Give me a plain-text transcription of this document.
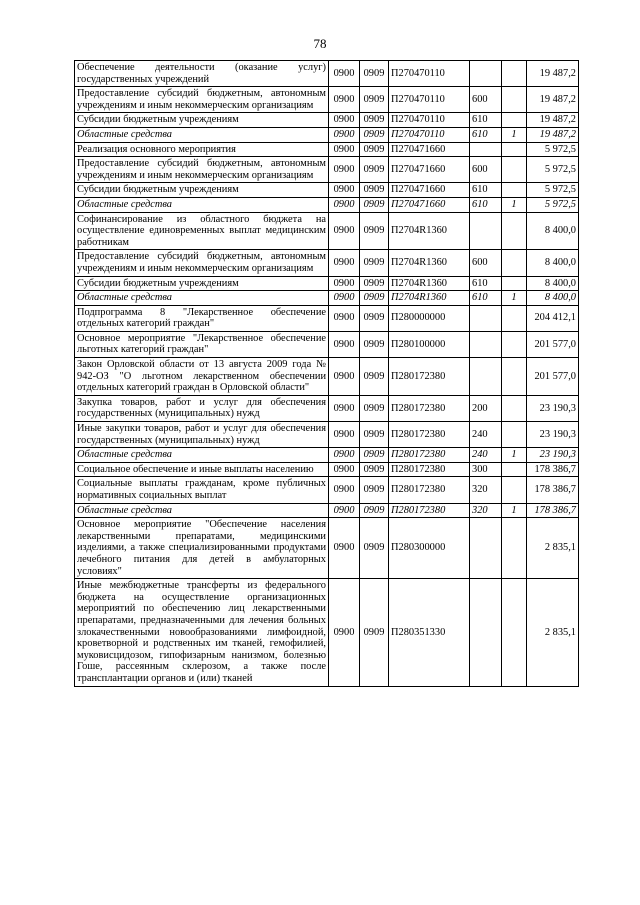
78
Обеспечение деятельности (оказание услуг) государственных учреждений	0900	0909	П270470110			19 487,2
Предоставление субсидий бюджетным, автономным учреждениям и иным некоммерческим организациям	0900	0909	П270470110	600		19 487,2
Субсидии бюджетным учреждениям	0900	0909	П270470110	610		19 487,2
Областные средства	0900	0909	П270470110	610	1	19 487,2
Реализация основного мероприятия	0900	0909	П270471660			5 972,5
Предоставление субсидий бюджетным, автономным учреждениям и иным некоммерческим организациям	0900	0909	П270471660	600		5 972,5
Субсидии бюджетным учреждениям	0900	0909	П270471660	610		5 972,5
Областные средства	0900	0909	П270471660	610	1	5 972,5
Софинансирование из областного бюджета на осуществление единовременных выплат медицинским работникам	0900	0909	П2704R1360			8 400,0
Предоставление субсидий бюджетным, автономным учреждениям и иным некоммерческим организациям	0900	0909	П2704R1360	600		8 400,0
Субсидии бюджетным учреждениям	0900	0909	П2704R1360	610		8 400,0
Областные средства	0900	0909	П2704R1360	610	1	8 400,0
Подпрограмма 8 "Лекарственное обеспечение отдельных категорий граждан"	0900	0909	П280000000			204 412,1
Основное мероприятие "Лекарственное обеспечение льготных категорий граждан"	0900	0909	П280100000			201 577,0
Закон Орловской области от 13 августа 2009 года № 942-ОЗ "О льготном лекарственном обеспечении отдельных категорий граждан в Орловской области"	0900	0909	П280172380			201 577,0
Закупка товаров, работ и услуг для обеспечения государственных (муниципальных) нужд	0900	0909	П280172380	200		23 190,3
Иные закупки товаров, работ и услуг для обеспечения государственных (муниципальных) нужд	0900	0909	П280172380	240		23 190,3
Областные средства	0900	0909	П280172380	240	1	23 190,3
Социальное обеспечение и иные выплаты населению	0900	0909	П280172380	300		178 386,7
Социальные выплаты гражданам, кроме публичных нормативных социальных выплат	0900	0909	П280172380	320		178 386,7
Областные средства	0900	0909	П280172380	320	1	178 386,7
Основное мероприятие "Обеспечение населения лекарственными препаратами, медицинскими изделиями, а также специализированными продуктами лечебного питания для детей в амбулаторных условиях"	0900	0909	П280300000			2 835,1
Иные межбюджетные трансферты из федерального бюджета на осуществление организационных мероприятий по обеспечению лиц лекарственными препаратами, предназначенными для лечения больных злокачественными новообразованиями лимфоидной, кроветворной и родственных им тканей, гемофилией, муковисцидозом, гипофизарным нанизмом, болезнью Гоше, рассеянным склерозом, а также после трансплантации органов и (или) тканей	0900	0909	П280351330			2 835,1
